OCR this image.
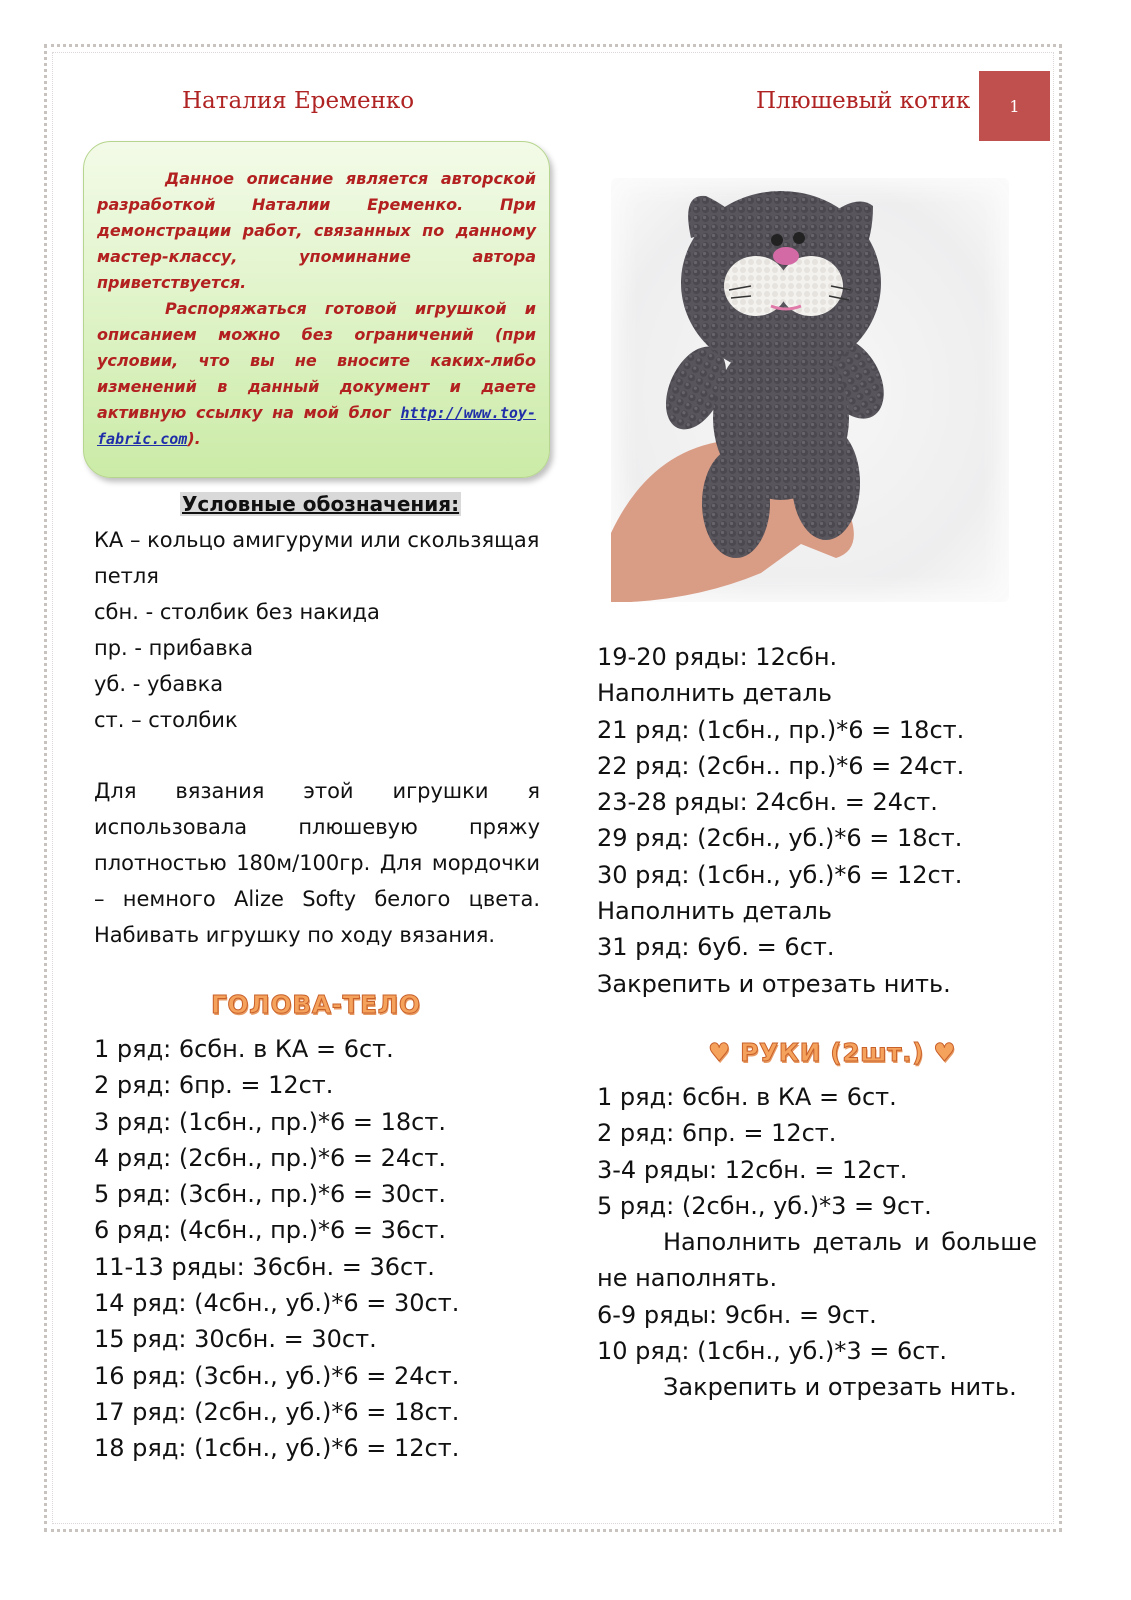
Наталия Еременко	Плюшевый котик	1

Данное описание является авторской разработкой Наталии Еременко. При демонстрации работ, связанных по данному мастер-классу, упоминание автора приветствуется.

Распоряжаться готовой игрушкой и описанием можно без ограничений (при условии, что вы не вносите каких-либо изменений в данный документ и даете активную ссылку на мой блог http://www.toy-fabric.com).

Условные обозначения:
КА – кольцо амигуруми или скользящая петля
сбн. - столбик без накида
пр. - прибавка
уб. - убавка
ст. – столбик
Для вязания этой игрушки я использовала плюшевую пряжу плотностью 180м/100гр. Для мордочки – немного Alize Softy белого цвета. Набивать игрушку по ходу вязания.
ГОЛОВА-ТЕЛО
1 ряд: 6сбн. в КА = 6ст.
2 ряд: 6пр. = 12ст.
3 ряд: (1сбн., пр.)*6 = 18ст.
4 ряд: (2сбн., пр.)*6 = 24ст.
5 ряд: (3сбн., пр.)*6 = 30ст.
6 ряд: (4сбн., пр.)*6 = 36ст.
11-13 ряды: 36сбн. = 36ст.
14 ряд: (4сбн., уб.)*6 = 30ст.
15 ряд: 30сбн. = 30ст.
16 ряд: (3сбн., уб.)*6 = 24ст.
17 ряд: (2сбн., уб.)*6 = 18ст.
18 ряд: (1сбн., уб.)*6 = 12ст.
19-20 ряды: 12сбн.
Наполнить деталь
21 ряд: (1сбн., пр.)*6 = 18ст.
22 ряд: (2сбн.. пр.)*6 = 24ст.
23-28 ряды: 24сбн. = 24ст.
29 ряд: (2сбн., уб.)*6 = 18ст.
30 ряд: (1сбн., уб.)*6 = 12ст.
Наполнить деталь
31 ряд: 6уб. = 6ст.
Закрепить и отрезать нить.
♥ РУКИ (2шт.) ♥
1 ряд: 6сбн. в КА = 6ст.
2 ряд: 6пр. = 12ст.
3-4 ряды: 12сбн. = 12ст.
5 ряд: (2сбн., уб.)*3 = 9ст.
Наполнить деталь и больше не наполнять.
6-9 ряды: 9сбн. = 9ст.
10 ряд: (1сбн., уб.)*3 = 6ст.
Закрепить и отрезать нить.
